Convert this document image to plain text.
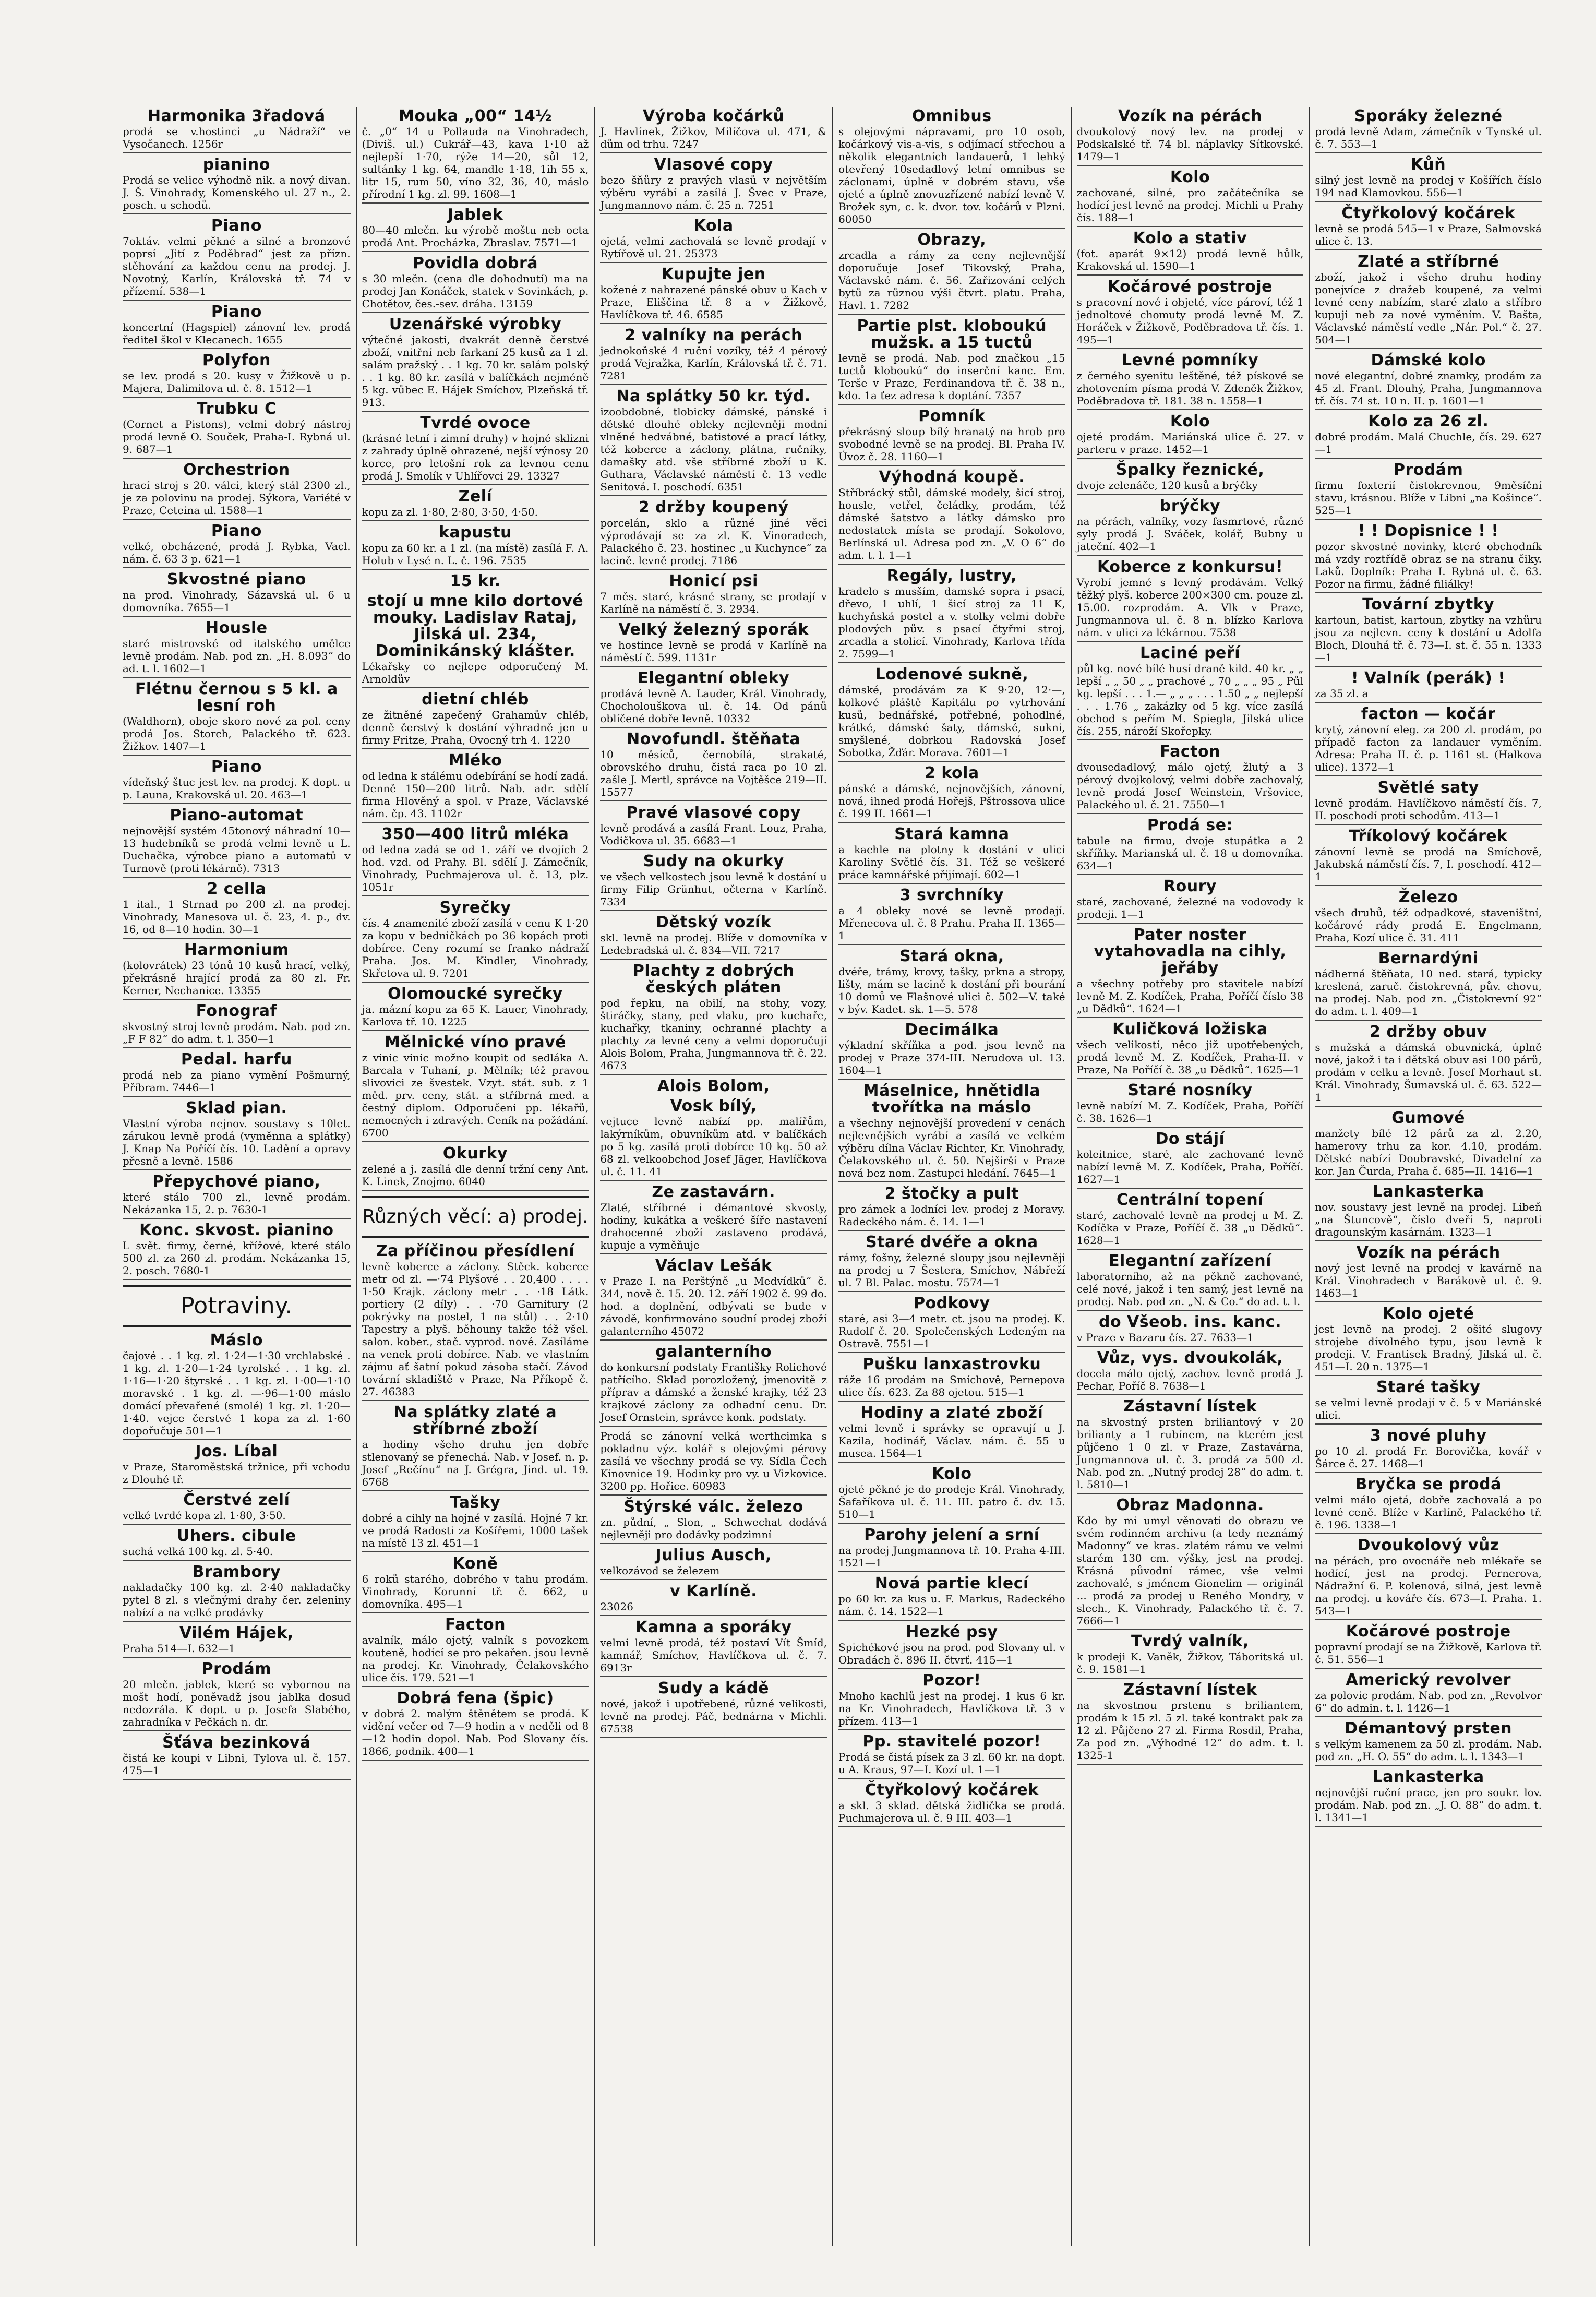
Harmonika 3řadová
prodá se v.hostinci „u Nádraží“ ve Vysočanech. 1256r
pianino
Prodá se velice výhodně nik. a nový divan. J. Š. Vinohrady, Komenského ul. 27 n., 2. posch. u schodů.
Piano
7oktáv. velmi pěkné a silné a bronzové poprsí „Jití z Poděbrad“ jest za přízn. stěhování za každou cenu na prodej. J. Novotný, Karlín, Královská tř. 74 v přízemí. 538—1
Piano
koncertní (Hagspiel) zánovní lev. prodá ředitel škol v Klecanech. 1655
Polyfon
se lev. prodá s 20. kusy v Žižkově u p. Majera, Dalimilova ul. č. 8. 1512—1
Trubku C
(Cornet a Pistons), velmi dobrý nástroj prodá levně O. Souček, Praha-I. Rybná ul. 9. 687—1
Orchestrion
hrací stroj s 20. válci, který stál 2300 zl., je za polovinu na prodej. Sýkora, Variété v Praze, Ceteina ul. 1588—1
Piano
velké, obcházené, prodá J. Rybka, Vacl. nám. č. 63 3 p. 621—1
Skvostné piano
na prod. Vinohrady, Sázavská ul. 6 u domovníka. 7655—1
Housle
staré mistrovské od italského umělce levně prodám. Nab. pod zn. „H. 8.093“ do ad. t. l. 1602—1
Flétnu černou s 5 kl. a lesní roh
(Waldhorn), oboje skoro nové za pol. ceny prodá Jos. Storch, Palackého tř. 623. Žižkov. 1407—1
Piano
vídeňský štuc jest lev. na prodej. K dopt. u p. Launa, Krakovská ul. 20. 463—1
Piano-automat
nejnovější systém 45tonový náhradní 10—13 hudebníků se prodá velmi levně u L. Duchačka, výrobce piano a automatů v Turnově (proti lékárně). 7313
2 cella
1 ital., 1 Strnad po 200 zl. na prodej. Vinohrady, Manesova ul. č. 23, 4. p., dv. 16, od 8—10 hodin. 30—1
Harmonium
(kolovrátek) 23 tónů 10 kusů hrací, velký, překrásně hrající prodá za 80 zl. Fr. Kerner, Nechanice. 13355
Fonograf
skvostný stroj levně prodám. Nab. pod zn. „F F 82“ do adm. t. l. 350—1
Pedal. harfu
prodá neb za piano vymění Pošmurný, Příbram. 7446—1
Sklad pian.
Vlastní výroba nejnov. soustavy s 10let. zárukou levně prodá (vyměnna a splátky) J. Knap Na Poříčí čís. 10. Ladění a opravy přesně a levně. 1586
Přepychové piano,
které stálo 700 zl., levně prodám. Nekázanka 15, 2. p. 7630-1
Konc. skvost. pianino
L svět. firmy, černé, křížové, které stálo 500 zl. za 260 zl. prodám. Nekázanka 15, 2. posch. 7680-1
Potraviny.
Máslo
čajové . . 1 kg. zl. 1·24—1·30 vrchlabské . 1 kg. zl. 1·20—1·24 tyrolské . . 1 kg. zl. 1·16—1·20 štyrské . . 1 kg. zl. 1·00—1·10 moravské . 1 kg. zl. —·96—1·00 máslo domácí převařené (smolé) 1 kg. zl. 1·20—1·40. vejce čerstvé 1 kopa za zl. 1·60 dopořučuje 501—1
Jos. Líbal
v Praze, Staroměstská tržnice, při vchodu z Dlouhé tř.
Čerstvé zelí
velké tvrdé kopa zl. 1·80, 3·50.
Uhers. cibule
suchá velká 100 kg. zl. 5·40.
Brambory
nakladačky 100 kg. zl. 2·40 nakladačky pytel 8 zl. s vlečnými drahy čer. zeleniny nabízí a na velké prodávky
Vilém Hájek,
Praha 514—I. 632—1
Prodám
20 mlečn. jablek, které se vybornou na mošt hodí, poněvadž jsou jablka dosud nedozrála. K dopt. u p. Josefa Slabého, zahradníka v Pečkách n. dr.
Šťáva bezinková
čistá ke koupi v Libni, Tylova ul. č. 157. 475—1
Mouka „00“ 14½
č. „0“ 14 u Pollauda na Vinohradech, (Diviš. ul.) Cukrář—43, kava 1·10 až nejlepší 1·70, rýže 14—20, sůl 12, sultánky 1 kg. 64, mandle 1·18, 1ih 55 x, litr 15, rum 50, víno 32, 36, 40, máslo přírodní 1 kg. zl. 99. 1608—1
Jablek
80—40 mlečn. ku výrobě moštu neb octa prodá Ant. Procházka, Zbraslav. 7571—1
Povidla dobrá
s 30 mlečn. (cena dle dohodnutí) ma na prodej Jan Konáček, statek v Sovinkách, p. Chotětov, čes.-sev. dráha. 13159
Uzenářské výrobky
výtečné jakosti, dvakrát denně čerstvé zboží, vnitřní neb farkaní 25 kusů za 1 zl. salám pražský . . 1 kg. 70 kr. salám polský . . 1 kg. 80 kr. zasílá v balíčkách nejméně 5 kg. vůbec E. Hájek Smíchov, Plzeňská tř. 913.
Tvrdé ovoce
(krásné letní i zimní druhy) v hojné sklizni z zahrady úplně ohrazené, nejší výnosy 20 korce, pro letošní rok za levnou cenu prodá J. Smolík v Uhlířovci 29. 13327
Zelí
kopu za zl. 1·80, 2·80, 3·50, 4·50.
kapustu
kopu za 60 kr. a 1 zl. (na místě) zasílá F. A. Holub v Lysé n. L. č. 196. 7535
15 kr.
stojí u mne kilo dortové mouky. Ladislav Rataj, Jilská ul. 234, Dominikánský klášter.
Lékařsky co nejlepe odporučený M. Arnoldův
dietní chléb
ze žitněné zapečený Grahamův chléb, denně čerstvý k dostání výhradně jen u firmy Fritze, Praha, Ovocný trh 4. 1220
Mléko
od ledna k stálému odebírání se hodí zadá. Denně 150—200 litrů. Nab. adr. sdělí firma Hlověný a spol. v Praze, Václavské nám. čp. 43. 1102r
350—400 litrů mléka
od ledna zadá se od 1. září ve dvojích 2 hod. vzd. od Prahy. Bl. sdělí J. Zámečník, Vinohrady, Puchmajerova ul. č. 13, plz. 1051r
Syrečky
čís. 4 znamenité zboží zasílá v cenu K 1·20 za kopu v bedničkách po 36 kopách proti dobírce. Ceny rozumí se franko nádraží Praha. Jos. M. Kindler, Vinohrady, Skřetova ul. 9. 7201
Olomoucké syrečky
ja. mázní kopu za 65 K. Lauer, Vinohrady, Karlova tř. 10. 1225
Mělnické víno pravé
z vinic vinic možno koupit od sedláka A. Barcala v Tuhaní, p. Mělník; též pravou slivovici ze švestek. Vzyt. stát. sub. z 1 měd. prv. ceny, stát. a stříbrná med. a čestný diplom. Odporučeni pp. lékařů, nemocných i zdravých. Ceník na požádání. 6700
Okurky
zelené a j. zasílá dle denní tržní ceny Ant. K. Linek, Znojmo. 6040
Různých věcí: a) prodej.
Za příčinou přesídlení
levně koberce a záclony. Stěck. koberce metr od zl. —·74 Plyšové . . 20,400 . . . . 1·50 Krajk. záclony metr . . ·18 Látk. portiery (2 díly) . . ·70 Garnitury (2 pokrývky na postel, 1 na stůl) . . 2·10 Tapestry a plyš. běhouny takže též všel. salon. kober., stač. vyprod. nové. Zasíláme na venek proti dobírce. Nab. ve vlastním zájmu ať šatní pokud zásoba stačí. Závod tovární skladiště v Praze, Na Příkopě č. 27. 46383
Na splátky zlaté a stříbrné zboží
a hodiny všeho druhu jen dobře stlenovaný se přenechá. Nab. v Josef. n. p. Josef „Rečínu“ na J. Grégra, Jind. ul. 19. 6768
Tašky
dobré a cihly na hojné v zasílá. Hojné 7 kr. ve prodá Radosti za Košířemi, 1000 tašek na místě 13 zl. 451—1
Koně
6 roků starého, dobrého v tahu prodám. Vinohrady, Korunní tř. č. 662, u domovníka. 495—1
Facton
avalník, málo ojetý, valník s povozkem kouteně, hodící se pro pekařen. jsou levně na prodej. Kr. Vinohrady, Čelakovského ulice čís. 179. 521—1
Dobrá fena (špic)
v dobrá 2. malým štěnětem se prodá. K vidění večer od 7—9 hodin a v neděli od 8—12 hodin dopol. Nab. Pod Slovany čís. 1866, podnik. 400—1
Výroba kočárků
J. Havlínek, Žižkov, Milíčova ul. 471, & dům od trhu. 7247
Vlasové copy
bezo šňůry z pravých vlasů v největším výběru vyrábí a zasílá J. Švec v Praze, Jungmannovo nám. č. 25 n. 7251
Kola
ojetá, velmi zachovalá se levně prodají v Rytířově ul. 21. 25373
Kupujte jen
kožené z nahrazené pánské obuv u Kach v Praze, Eliščina tř. 8 a v Žižkově, Havlíčkova tř. 46. 6585
2 valníky na perách
jednokoňské 4 ruční vozíky, též 4 pérový prodá Vejražka, Karlín, Královská tř. č. 71. 7281
Na splátky 50 kr. týd.
izoobdobné, tlobicky dámské, pánské i dětské dlouhé obleky nejlevněji modní vlněné hedvábné, batistové a prací látky, též koberce a záclony, plátna, ručníky, damašky atd. vše stříbrné zboží u K. Guthara, Václavské náměstí č. 13 vedle Senitová. I. poschodí. 6351
2 držby koupený
porcelán, sklo a různé jiné věci výprodávají se za zl. K. Vinoradech, Palackého č. 23. hostinec „u Kuchynce“ za lacině. levně prodej. 7186
Honicí psi
7 měs. staré, krásné strany, se prodají v Karlíně na náměstí č. 3. 2934.
Velký železný sporák
ve hostince levně se prodá v Karlíně na náměstí č. 599. 1131r
Elegantní obleky
prodává levně A. Lauder, Král. Vinohrady, Chocholouškova ul. č. 14. Od pánů oblíčené dobře levně. 10332
Novofundl. štěňata
10 měsíců, černobílá, strakaté, obrovského druhu, čistá raca po 10 zl. zašle J. Mertl, správce na Vojtěšce 219—II. 15577
Pravé vlasové copy
levně prodává a zasílá Frant. Louz, Praha, Vodičkova ul. 35. 6683—1
Sudy na okurky
ve všech velkostech jsou levně k dostání u firmy Filip Grünhut, očterna v Karlíně. 7334
Dětský vozík
skl. levně na prodej. Blíže v domovníka v Ledebradská ul. č. 834—VII. 7217
Plachty z dobrých českých pláten
pod řepku, na obilí, na stohy, vozy, štiráčky, stany, ped vlaku, pro kuchaře, kuchařky, tkaniny, ochranné plachty a plachty za levné ceny a velmi doporučují Alois Bolom, Praha, Jungmannova tř. č. 22. 4673
Alois Bolom,
Vosk bílý,
vejtuce levně nabízí pp. malířům, lakýrníkům, obuvníkům atd. v balíčkách po 5 kg. zasílá proti dobírce 10 kg. 50 až 68 zl. velkoobchod Josef Jäger, Havlíčkova ul. č. 11. 41
Ze zastavárn.
Zlaté, stříbrné i démantové skvosty, hodiny, kukátka a veškeré šíře nastavení drahocenné zboží zastaveno prodává, kupuje a vyměňuje
Václav Lešák
v Praze I. na Perštýně „u Medvídků“ č. 344, nově č. 15. 20. 12. září 1902 č. 99 do. hod. a doplnění, odbývati se bude v závodě, konfirmováno soudní prodej zboží galanterního 45072
galanterního
do konkursní podstaty Františky Rolichové patřícího. Sklad porozložený, jmenovitě z příprav a dámské a ženské krajky, též 23 krajkové záclony za odhadní cenu. Dr. Josef Ornstein, správce konk. podstaty.
Prodá se zánovní velká werthcimka s pokladnu výz. kolář s olejovými pérovy zasílá ve všechny prodá se vy. Sídla Čech Kinovnice 19. Hodinky pro vy. u Vizkovice. 3200 pp. Hořice. 60983
Štýrské válc. železo
zn. půdní, „ Slon, „ Schwechat dodává nejlevněji pro dodávky podzimní
Julius Ausch,
velkozávod se železem
v Karlíně.
23026
Kamna a sporáky
velmi levně prodá, též postaví Vít Šmíd, kamnář, Smíchov, Havlíčkova ul. č. 7. 6913r
Sudy a kádě
nové, jakož i upotřebené, různé velikosti, levně na prodej. Páč, bednárna v Michli. 67538
Omnibus
s olejovými nápravami, pro 10 osob, kočárkový vis-a-vis, s odjímací střechou a několik elegantních landauerů, 1 lehký otevřený 10sedadlový letní omnibus se záclonami, úplně v dobrém stavu, vše ojeté a úplně znovuzřízené nabízí levně V. Brožek syn, c. k. dvor. tov. kočárů v Plzni. 60050
Obrazy,
zrcadla a rámy za ceny nejlevnější doporučuje Josef Tikovský, Praha, Václavské nám. č. 56. Zařizování celých bytů za různou výši čtvrt. platu. Praha, Havl. 1. 7282
Partie plst. kloboukú mužsk. a 15 tuctů
levně se prodá. Nab. pod značkou „15 tuctů kloboukú“ do inserční kanc. Em. Terše v Praze, Ferdinandova tř. č. 38 n., kdo. 1a ťez adresa k doptání. 7357
Pomník
překrásný sloup bílý hranatý na hrob pro svobodné levně se na prodej. Bl. Praha IV. Úvoz č. 28. 1160—1
Výhodná koupě.
Stříbrácký stůl, dámské modely, šicí stroj, housle, vetřel, čeládky, prodám, též dámské šatstvo a látky dámsko pro nedostatek místa se prodají. Sokolovo, Berlínská ul. Adresa pod zn. „V. O 6“ do adm. t. l. 1—1
Regály, lustry,
kradelo s musším, damské sopra i psací, dřevo, 1 uhlí, 1 šicí stroj za 11 K, kuchyňská postel a v. stolky velmi dobře plodových pův. s psací čtyřmi stroj, zrcadla a stolicí. Vinohrady, Karlova třída 2. 7599—1
Lodenové sukně,
dámské, prodávám za K 9·20, 12·—, kolkové pláště Kapitálu po vytrhování kusů, bednářské, potřebné, pohodlné, krátké, dámské šaty, dámské, sukni, smyšlené, dobrkou Radovská Josef Sobotka, Žďár. Morava. 7601—1
2 kola
pánské a dámské, nejnovějších, zánovní, nová, ihned prodá Hořejš, Pštrossova ulice č. 199 II. 1661—1
Stará kamna
a kachle na plotny k dostání v ulici Karoliny Světlé čís. 31. Též se veškeré práce kamnářské přijímají. 602—1
3 svrchníky
a 4 obleky nové se levně prodají. Mřenecova ul. č. 8 Prahu. Praha II. 1365—1
Stará okna,
dvéře, trámy, krovy, tašky, prkna a stropy, lišty, mám se lacině k dostání při bourání 10 domů ve Flašnové ulici č. 502—V. také v býv. Kadet. sk. 1—5. 578
Decimálka
výkladní skříňka a pod. jsou levně na prodej v Praze 374-III. Nerudova ul. 13. 1604—1
Máselnice, hnětidla tvořítka na máslo
a všechny nejnovější provedení v cenách nejlevnějších vyrábí a zasílá ve velkém výběru dílna Václav Richter, Kr. Vinohrady, Čelakovského ul. č. 50. Nejširší v Praze nová bez nom. Zastupci hledání. 7645—1
2 štočky a pult
pro zámek a lodníci lev. prodej z Moravy. Radeckého nám. č. 14. 1—1
Staré dvéře a okna
rámy, fošny, železné sloupy jsou nejlevněji na prodej u 7 Šestera, Smíchov, Nábřeží ul. 7 Bl. Palac. mostu. 7574—1
Podkovy
staré, asi 3—4 metr. ct. jsou na prodej. K. Rudolf č. 20. Společenských Ledeným na Ostravě. 7551—1
Pušku lanxastrovku
ráže 16 prodám na Smíchově, Pernepova ulice čís. 623. Za 88 ojetou. 515—1
Hodiny a zlaté zboží
velmi levně i správky se opravují u J. Kazila, hodinář, Václav. nám. č. 55 u musea. 1564—1
Kolo
ojeté pěkné je do prodeje Král. Vinohrady, Šafaříkova ul. č. 11. III. patro č. dv. 15. 510—1
Parohy jelení a srní
na prodej Jungmannova tř. 10. Praha 4-III. 1521—1
Nová partie klecí
po 60 kr. za kus u. F. Markus, Radeckého nám. č. 14. 1522—1
Hezké psy
Spichékové jsou na prod. pod Slovany ul. v Obradách č. 896 II. čtvrť. 415—1
Pozor!
Mnoho kachlů jest na prodej. 1 kus 6 kr. na Kr. Vinohradech, Havlíčkova tř. 3 v přízem. 413—1
Pp. stavitelé pozor!
Prodá se čistá písek za 3 zl. 60 kr. na dopt. u A. Kraus, 97—I. Kozí ul. 1—1
Čtyřkolový kočárek
a skl. 3 sklad. dětská židlička se prodá. Puchmajerova ul. č. 9 III. 403—1
Vozík na pérách
dvoukolový nový lev. na prodej v Podskalské tř. 74 bl. náplavky Sítkovské. 1479—1
Kolo
zachované, silné, pro začátečníka se hodící jest levně na prodej. Michli u Prahy čís. 188—1
Kolo a stativ
(fot. aparát 9×12) prodá levně hůlk, Krakovská ul. 1590—1
Kočárové postroje
s pracovní nové i objeté, více pároví, též 1 jednoltové chomuty prodá levně M. Z. Horáček v Žižkově, Poděbradova tř. čís. 1. 495—1
Levné pomníky
z černého syenitu leštěné, též pískové se zhotovením písma prodá V. Zdeněk Žižkov, Poděbradova tř. 181. 38 n. 1558—1
Kolo
ojeté prodám. Mariánská ulice č. 27. v parteru v praze. 1452—1
Špalky řeznické,
dvoje zelenáče, 120 kusů a brýčky
brýčky
na pérách, valníky, vozy fasmrtové, různé syly prodá J. Sváček, kolář, Bubny u jateční. 402—1
Kobercе z konkursu!
Vyrobí jemné s levný prodávám. Velký těžký plyš. koberce 200×300 cm. pouze zl. 15.00. rozprodám. A. Vlk v Praze, Jungmannova ul. č. 8 n. blízko Karlova nám. v ulici za lékárnou. 7538
Laciné peří
půl kg. nové bílé husí draně kild. 40 kr. „ „ lepší „ „ 50 „ „ prachové „ 70 „ „ „ 95 „ Půl kg. lepší . . . 1.— „ „ „ . . . 1.50 „ „ nejlepší . . . 1.76 „ zakázky od 5 kg. více zasílá obchod s peřím M. Spiegla, Jilská ulice čís. 255, nároží Skořepky.
Facton
dvousedadlový, málo ojetý, žlutý a 3 pérový dvojkolový, velmi dobře zachovalý, levně prodá Josef Weinstein, Vršovice, Palackého ul. č. 21. 7550—1
Prodá se:
tabule na firmu, dvoje stupátka a 2 skříňky. Marianská ul. č. 18 u domovníka. 634—1
Roury
staré, zachované, železné na vodovody k prodeji. 1—1
Pater noster vytahovadla na cihly, jeřáby
a všechny potřeby pro stavitele nabízí levně M. Z. Kodíček, Praha, Poříčí číslo 38 „u Dědků“. 1624—1
Kuličková ložiska
všech velikostí, něco již upotřebených, prodá levně M. Z. Kodíček, Praha-II. v Praze, Na Poříčí č. 38 „u Dědků“. 1625—1
Staré nosníky
levně nabízí M. Z. Kodíček, Praha, Poříčí č. 38. 1626—1
Do stájí
koleitnice, staré, ale zachované levně nabízí levně M. Z. Kodíček, Praha, Poříčí. 1627—1
Centrální topení
staré, zachovalé levně na prodej u M. Z. Kodíčka v Praze, Poříčí č. 38 „u Dědků“. 1628—1
Elegantní zařízení
laboratorního, až na pěkně zachované, celé nové, jakož i ten samý, jest levně na prodej. Nab. pod zn. „N. & Co.“ do ad. t. l.
do Všeob. ins. kanc.
v Praze v Bazaru čís. 27. 7633—1
Vůz, vys. dvoukolák,
docela málo ojetý, zachov. levně prodá J. Pechar, Poříč 8. 7638—1
Zástavní lístek
na skvostný prsten briliantový v 20 brilianty a 1 rubínem, na kterém jest půjčeno 1 0 zl. v Praze, Zastavárna, Jungmannova ul. č. 3. prodá za 500 zl. Nab. pod zn. „Nutný prodej 28“ do adm. t. l. 5810—1
Obraz Madonna.
Kdo by mi umyl věnovati do obrazu ve svém rodinném archivu (a tedy neznámý Madonny“ ve kras. zlatém rámu ve velmi starém 130 cm. výšky, jest na prodej. Krásná původní rámec, vše velmi zachovalé, s jménem Gionelim — originál ... prodá za prodej u Reného Mondry, v slech., K. Vinohrady, Palackého tř. č. 7. 7666—1
Tvrdý valník,
k prodeji K. Vaněk, Žižkov, Táboritská ul. č. 9. 1581—1
Zástavní lístek
na skvostnou prstenu s briliantem, prodám k 15 zl. 5 zl. také kontrakt pak za 12 zl. Půjčeno 27 zl. Firma Rosdil, Praha, Za pod zn. „Výhodné 12“ do adm. t. l. 1325-1
Sporáky železné
prodá levně Adam, zámečník v Tynské ul. č. 7. 553—1
Kůň
silný jest levně na prodej v Košířích číslo 194 nad Klamovkou. 556—1
Čtyřkolový kočárek
levně se prodá 545—1 v Praze, Salmovská ulice č. 13.
Zlaté a stříbrné
zboží, jakož i všeho druhu hodiny ponejvíce z dražeb koupené, za velmi levné ceny nabízím, staré zlato a stříbro kupuji neb za nové vyměním. V. Bašta, Václavské náměstí vedle „Nár. Pol.“ č. 27. 504—1
Dámské kolo
nové elegantní, dobré znamky, prodám za 45 zl. Frant. Dlouhý, Praha, Jungmannova tř. čís. 74 st. 10 n. II. p. 1601—1
Kolo za 26 zl.
dobré prodám. Malá Chuchle, čís. 29. 627—1
Prodám
firmu foxterií čistokrevnou, 9měsíční stavu, krásnou. Blíže v Libni „na Košince“. 525—1
! ! Dopisnice ! !
pozor skvostné novinky, které obchodník má vzdy roztřídě obraz se na stranu čiky. Laků. Doplník: Praha I. Rybná ul. č. 63. Pozor na firmu, žádné filiálky!
Tovární zbytky
kartoun, batist, kartoun, zbytky na vzhůru jsou za nejlevn. ceny k dostání u Adolfa Bloch, Dlouhá tř. č. 73—I. st. č. 55 n. 1333—1
! Valník (perák) !
za 35 zl. a
facton — kočár
krytý, zánovní eleg. za 200 zl. prodám, po případě facton za landauer vyměním. Adresa: Praha II. č. p. 1161 st. (Halkova ulice). 1372—1
Světlé saty
levně prodám. Havlíčkovo náměstí čís. 7, II. poschodí proti schodům. 413—1
Tříkolový kočárek
zánovní levně se prodá na Smíchově, Jakubská náměstí čís. 7, I. poschodí. 412—1
Železo
všech druhů, též odpadkové, staveništní, kočárové rády prodá E. Engelmann, Praha, Kozí ulice č. 31. 411
Bernardýni
nádherná štěňata, 10 ned. stará, typicky kreslená, zaruč. čistokrevná, pův. chovu, na prodej. Nab. pod zn. „Čistokrevní 92“ do adm. t. l. 409—1
2 držby obuv
s mužská a dámská obuvnická, úplně nové, jakož i ta i dětská obuv asi 100 párů, prodám v celku a levně. Josef Morhaut st. Král. Vinohrady, Šumavská ul. č. 63. 522—1
Gumové
manžety bílé 12 párů za zl. 2.20, hamerovy trhu za kor. 4.10, prodám. Dětské nabízí Doubravské, Divadelní za kor. Jan Čurda, Praha č. 685—II. 1416—1
Lankasterka
nov. soustavy jest levně na prodej. Libeň „na Štuncově“, číslo dveří 5, naproti dragounským kasárnám. 1323—1
Vozík na pérách
nový jest levně na prodej v kavárně na Král. Vinohradech v Barákově ul. č. 9. 1463—1
Kolo ojeté
jest levně na prodej. 2 ošité slugovy strojebe dívolného typu, jsou levně k prodeji. V. Frantisek Bradný, Jilská ul. č. 451—I. 20 n. 1375—1
Staré tašky
se velmi levně prodají v č. 5 v Mariánské ulici.
3 nové pluhy
po 10 zl. prodá Fr. Borovička, kovář v Šárce č. 27. 1468—1
Bryčka se prodá
velmi málo ojetá, dobře zachovalá a po levné ceně. Blíže v Karlíně, Palackého tř. č. 196. 1338—1
Dvoukolový vůz
na pérách, pro ovocnáře neb mlékaře se hodící, jest na prodej. Pernerova, Nádražní 6. P. kolenová, silná, jest levně na prodej. u kováře čís. 673—I. Praha. 1. 543—1
Kočárové postroje
popravní prodají se na Žižkově, Karlova tř. č. 51. 556—1
Americký revolver
za polovic prodám. Nab. pod zn. „Revolvor 6“ do admin. t. l. 1426—1
Démantový prsten
s velkým kamenem za 50 zl. prodám. Nab. pod zn. „H. O. 55“ do adm. t. l. 1343—1
Lankasterka
nejnovější ruční prace, jen pro soukr. lov. prodám. Nab. pod zn. „J. O. 88“ do adm. t. l. 1341—1
